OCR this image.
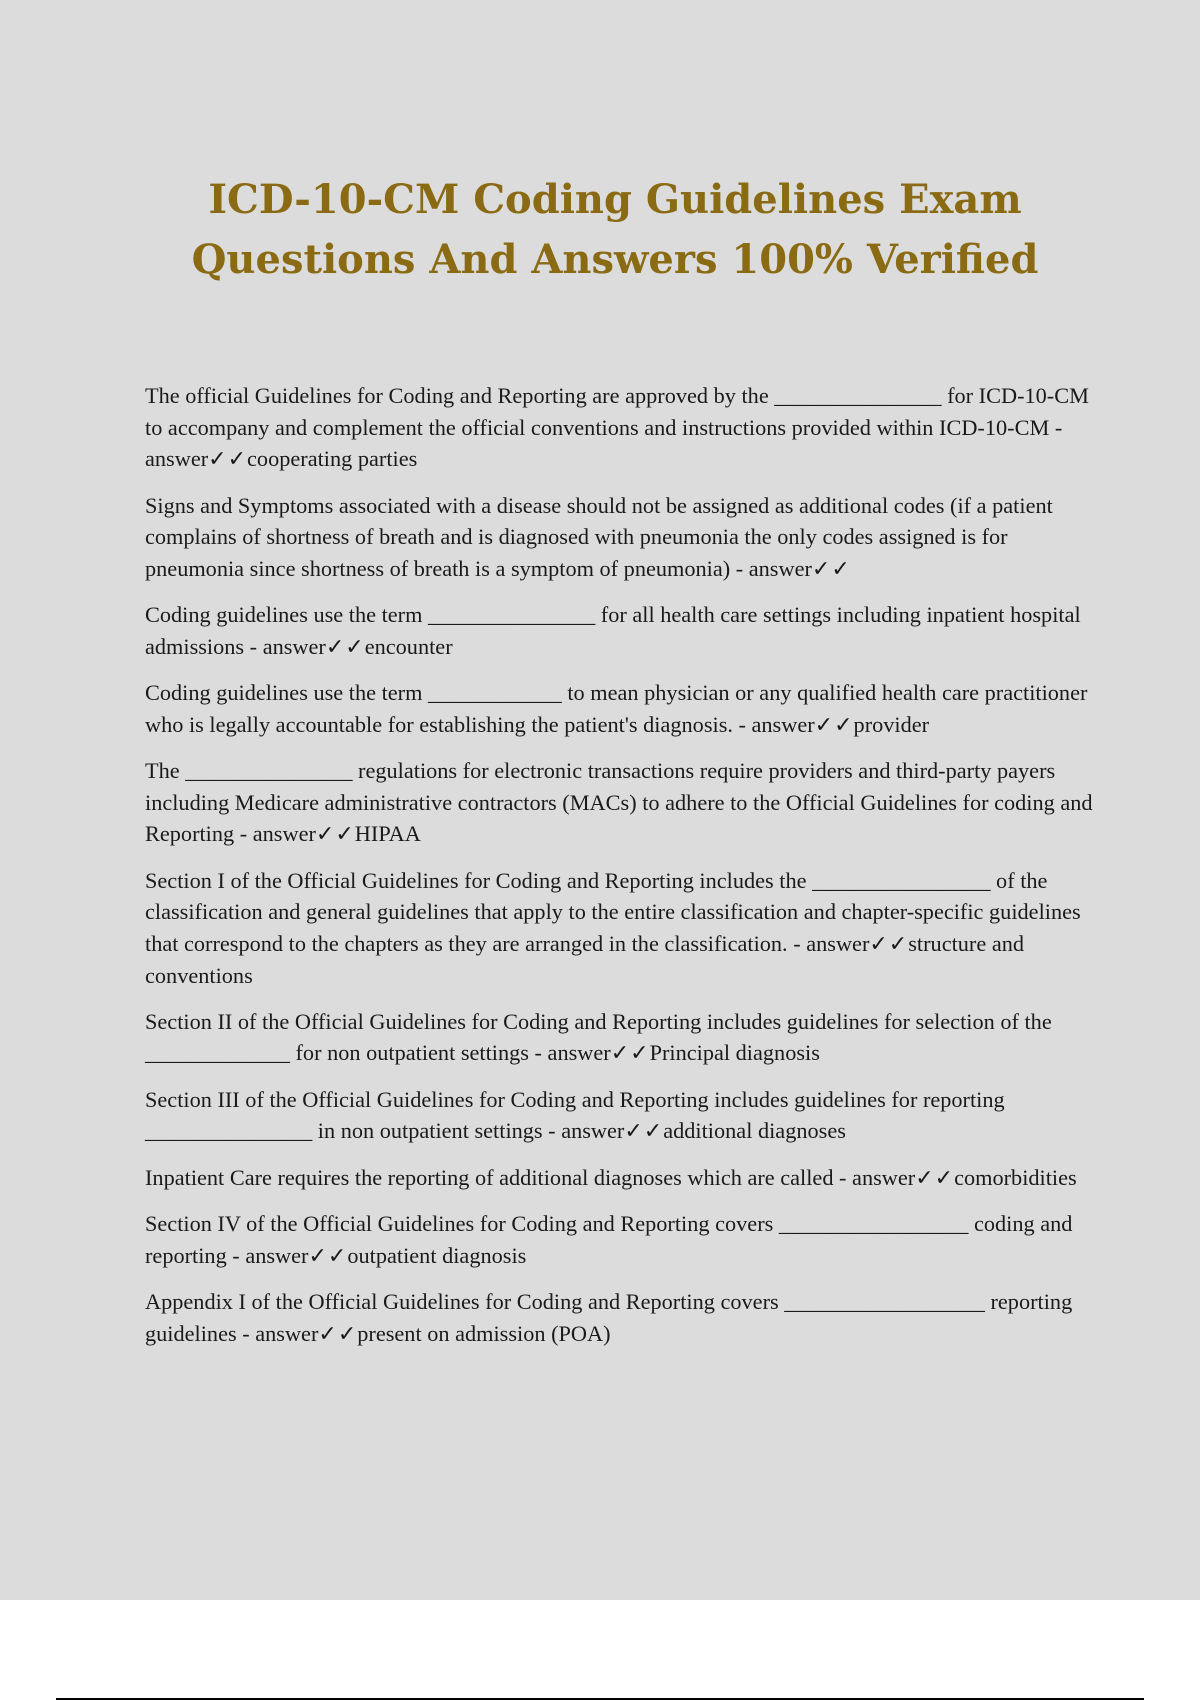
ICD-10-CM Coding Guidelines Exam
Questions And Answers 100% Verified

The official Guidelines for Coding and Reporting are approved by the _______________ for ICD-10-CM to accompany and complement the official conventions and instructions provided within ICD-10-CM - answer✓✓cooperating parties

Signs and Symptoms associated with a disease should not be assigned as additional codes (if a patient complains of shortness of breath and is diagnosed with pneumonia the only codes assigned is for pneumonia since shortness of breath is a symptom of pneumonia) - answer✓✓

Coding guidelines use the term _______________ for all health care settings including inpatient hospital admissions - answer✓✓encounter

Coding guidelines use the term ____________ to mean physician or any qualified health care practitioner who is legally accountable for establishing the patient's diagnosis. - answer✓✓provider

The _______________ regulations for electronic transactions require providers and third-party payers including Medicare administrative contractors (MACs) to adhere to the Official Guidelines for coding and Reporting - answer✓✓HIPAA

Section I of the Official Guidelines for Coding and Reporting includes the ________________ of the classification and general guidelines that apply to the entire classification and chapter-specific guidelines that correspond to the chapters as they are arranged in the classification. - answer✓✓structure and conventions

Section II of the Official Guidelines for Coding and Reporting includes guidelines for selection of the _____________ for non outpatient settings - answer✓✓Principal diagnosis

Section III of the Official Guidelines for Coding and Reporting includes guidelines for reporting _______________ in non outpatient settings - answer✓✓additional diagnoses

Inpatient Care requires the reporting of additional diagnoses which are called - answer✓✓comorbidities

Section IV of the Official Guidelines for Coding and Reporting covers _________________ coding and reporting - answer✓✓outpatient diagnosis

Appendix I of the Official Guidelines for Coding and Reporting covers __________________ reporting guidelines - answer✓✓present on admission (POA)
